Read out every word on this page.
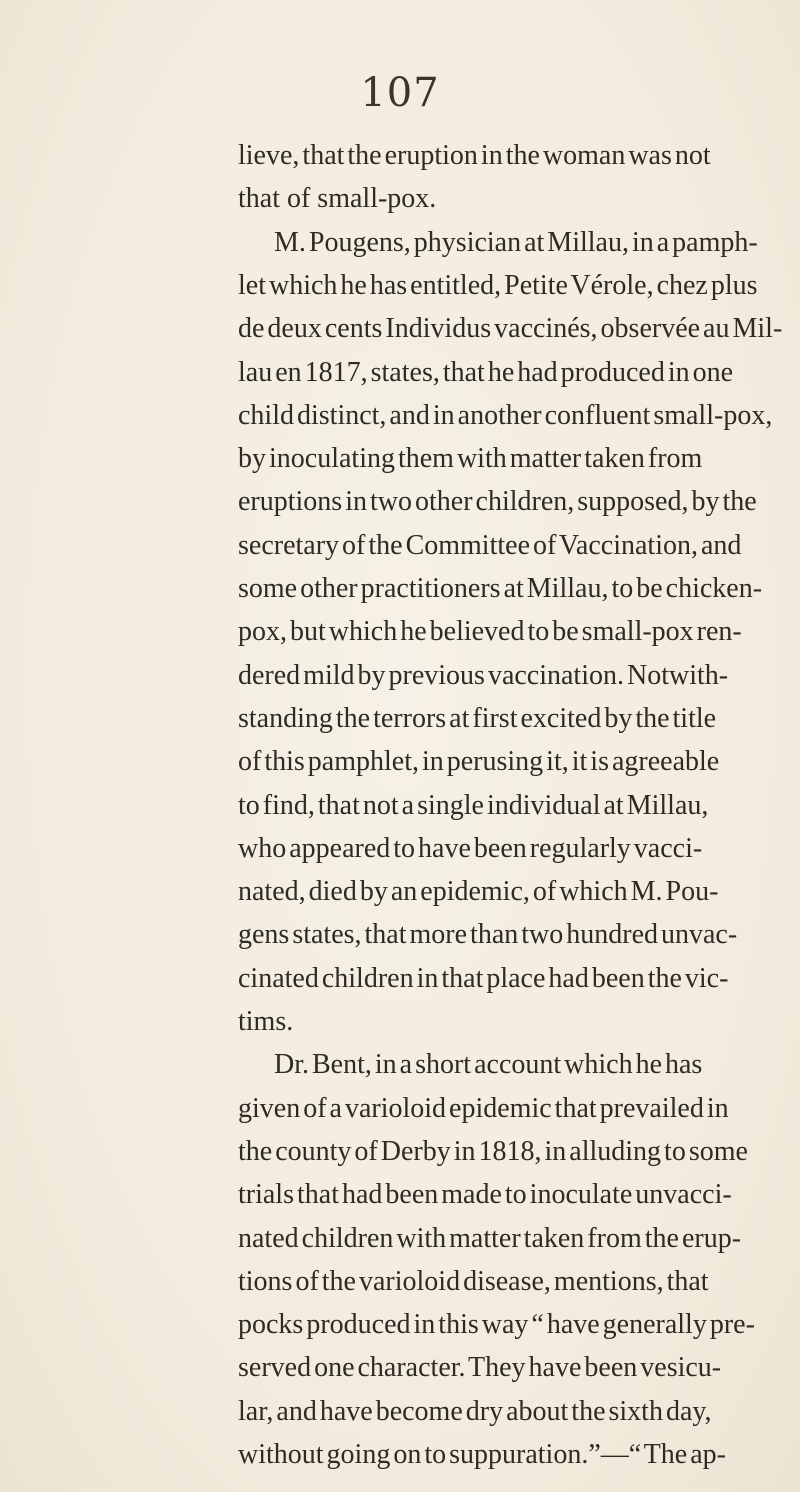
107
lieve, that the eruption in the woman was not
that of small-pox.
M. Pougens, physician at Millau, in a pamph-
let which he has entitled, Petite Vérole, chez plus
de deux cents Individus vaccinés, observée au Mil-
lau en 1817, states, that he had produced in one
child distinct, and in another confluent small-pox,
by inoculating them with matter taken from
eruptions in two other children, supposed, by the
secretary of the Committee of Vaccination, and
some other practitioners at Millau, to be chicken-
pox, but which he believed to be small-pox ren-
dered mild by previous vaccination. Notwith-
standing the terrors at first excited by the title
of this pamphlet, in perusing it, it is agreeable
to find, that not a single individual at Millau,
who appeared to have been regularly vacci-
nated, died by an epidemic, of which M. Pou-
gens states, that more than two hundred unvac-
cinated children in that place had been the vic-
tims.
Dr. Bent, in a short account which he has
given of a varioloid epidemic that prevailed in
the county of Derby in 1818, in alluding to some
trials that had been made to inoculate unvacci-
nated children with matter taken from the erup-
tions of the varioloid disease, mentions, that
pocks produced in this way “ have generally pre-
served one character. They have been vesicu-
lar, and have become dry about the sixth day,
without going on to suppuration.”—“ The ap-
